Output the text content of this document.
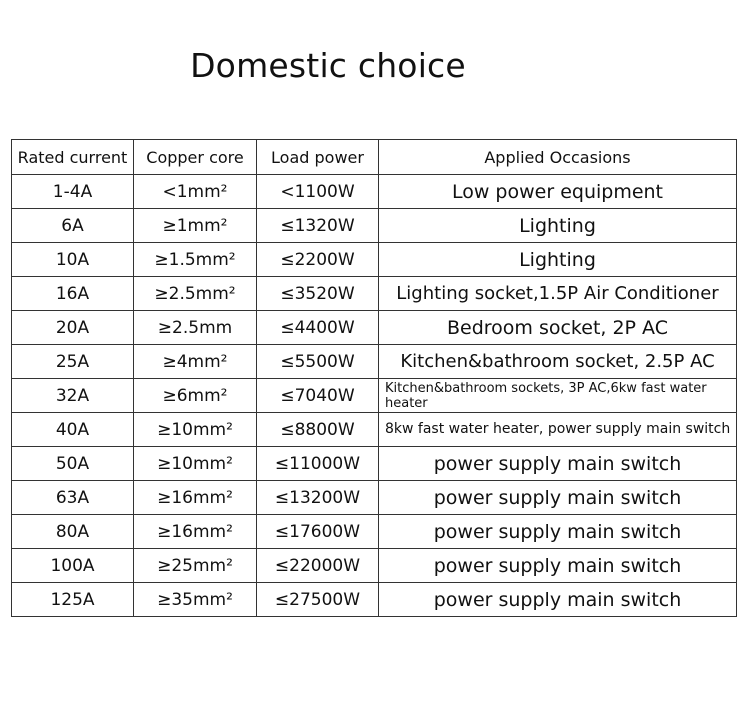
Domestic choice
Rated current	Copper core	Load power	Applied Occasions
1-4A	<1mm²	<1100W	Low power equipment
6A	≥1mm²	≤1320W	Lighting
10A	≥1.5mm²	≤2200W	Lighting
16A	≥2.5mm²	≤3520W	Lighting socket,1.5P Air Conditioner
20A	≥2.5mm	≤4400W	Bedroom socket, 2P AC
25A	≥4mm²	≤5500W	Kitchen&bathroom socket, 2.5P AC
32A	≥6mm²	≤7040W	Kitchen&bathroom sockets, 3P AC,6kw fast water heater
40A	≥10mm²	≤8800W	8kw fast water heater, power supply main switch
50A	≥10mm²	≤11000W	power supply main switch
63A	≥16mm²	≤13200W	power supply main switch
80A	≥16mm²	≤17600W	power supply main switch
100A	≥25mm²	≤22000W	power supply main switch
125A	≥35mm²	≤27500W	power supply main switch
